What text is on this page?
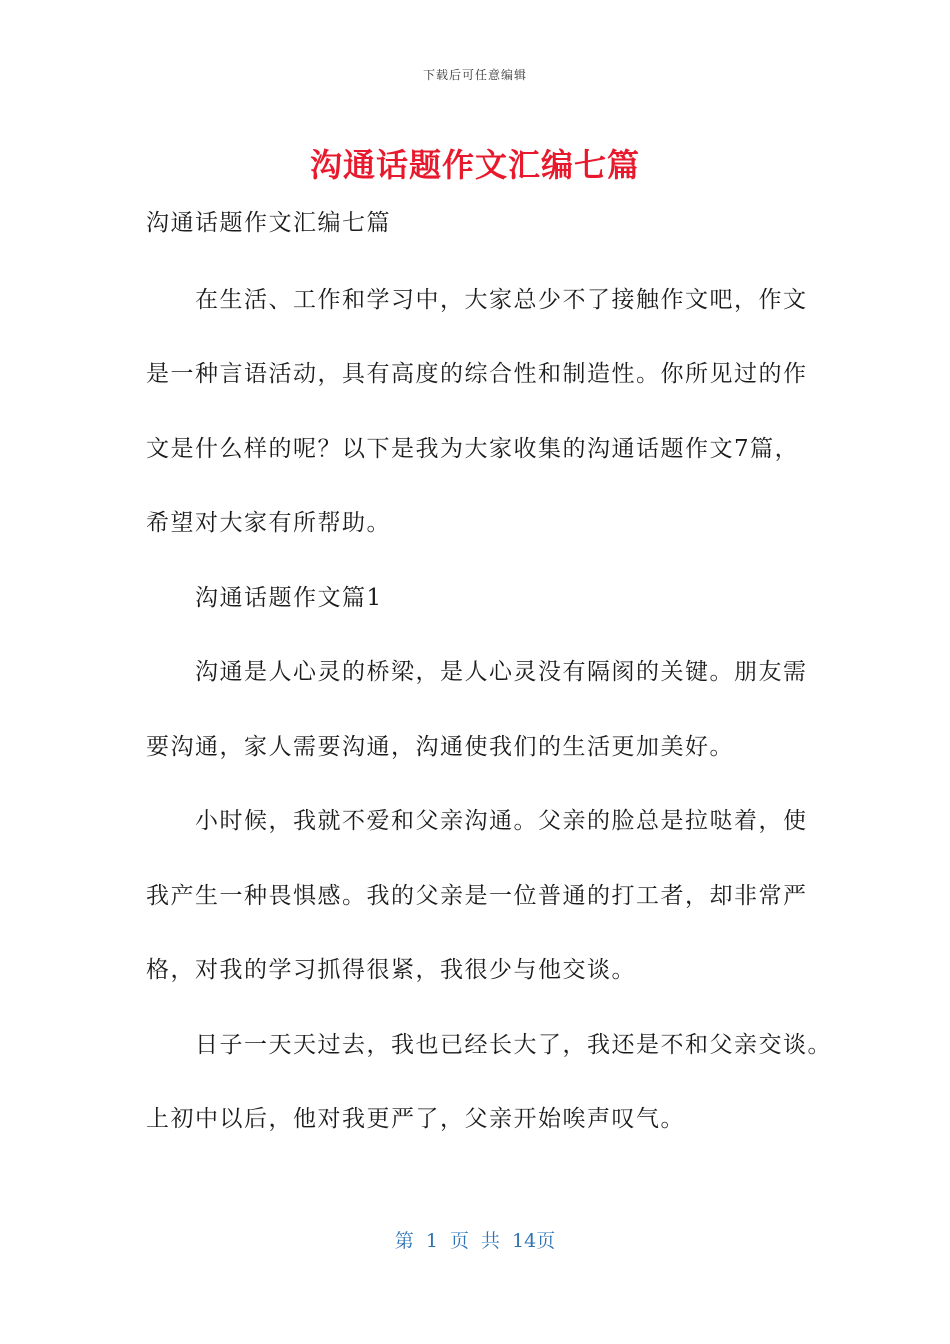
下载后可任意编辑
沟通话题作文汇编七篇
沟通话题作文汇编七篇
　　在生活、工作和学习中，大家总少不了接触作文吧，作文
是一种言语活动，具有高度的综合性和制造性。你所见过的作
文是什么样的呢？以下是我为大家收集的沟通话题作文7篇，
希望对大家有所帮助。
　　沟通话题作文篇1
　　沟通是人心灵的桥梁，是人心灵没有隔阂的关键。朋友需
要沟通，家人需要沟通，沟通使我们的生活更加美好。
　　小时候，我就不爱和父亲沟通。父亲的脸总是拉哒着，使
我产生一种畏惧感。我的父亲是一位普通的打工者，却非常严
格，对我的学习抓得很紧，我很少与他交谈。
　　日子一天天过去，我也已经长大了，我还是不和父亲交谈。
上初中以后，他对我更严了，父亲开始唉声叹气。
第 1 页 共 14页
